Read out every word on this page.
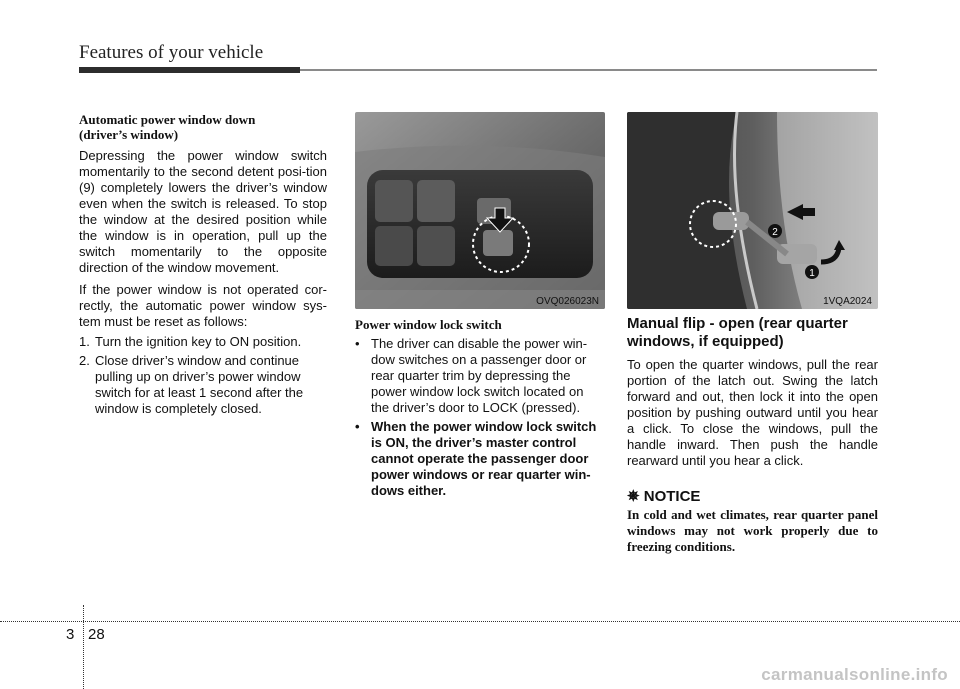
Features of your vehicle
Automatic power window down
(driver’s window)

Depressing the power window switch momentarily to the second detent posi-tion (9) completely lowers the driver’s window even when the switch is released. To stop the window at the desired position while the window is in operation, pull up the switch momentarily to the opposite direction of the window movement.

If the power window is not operated cor-rectly, the automatic power window sys-tem must be reset as follows:

1. Turn the ignition key to ON position.
2. Close driver’s window and continue pulling up on driver’s power window switch for at least 1 second after the window is completely closed.
OVQ026023N
Power window lock switch
• The driver can disable the power win-dow switches on a passenger door or rear quarter trim by depressing the power window lock switch located on the driver’s door to LOCK (pressed).
• When the power window lock switch is ON, the driver’s master control cannot operate the passenger door power windows or rear quarter win-dows either.
2
1
1VQA2024
Manual flip - open (rear quarter windows, if equipped)

To open the quarter windows, pull the rear portion of the latch out. Swing the latch forward and out, then lock it into the open position by pushing outward until you hear a click. To close the windows, pull the handle inward. Then push the handle rearward until you hear a click.

✵ NOTICE

In cold and wet climates, rear quarter panel windows may not work properly due to freezing conditions.

3 28
carmanualsonline.info
